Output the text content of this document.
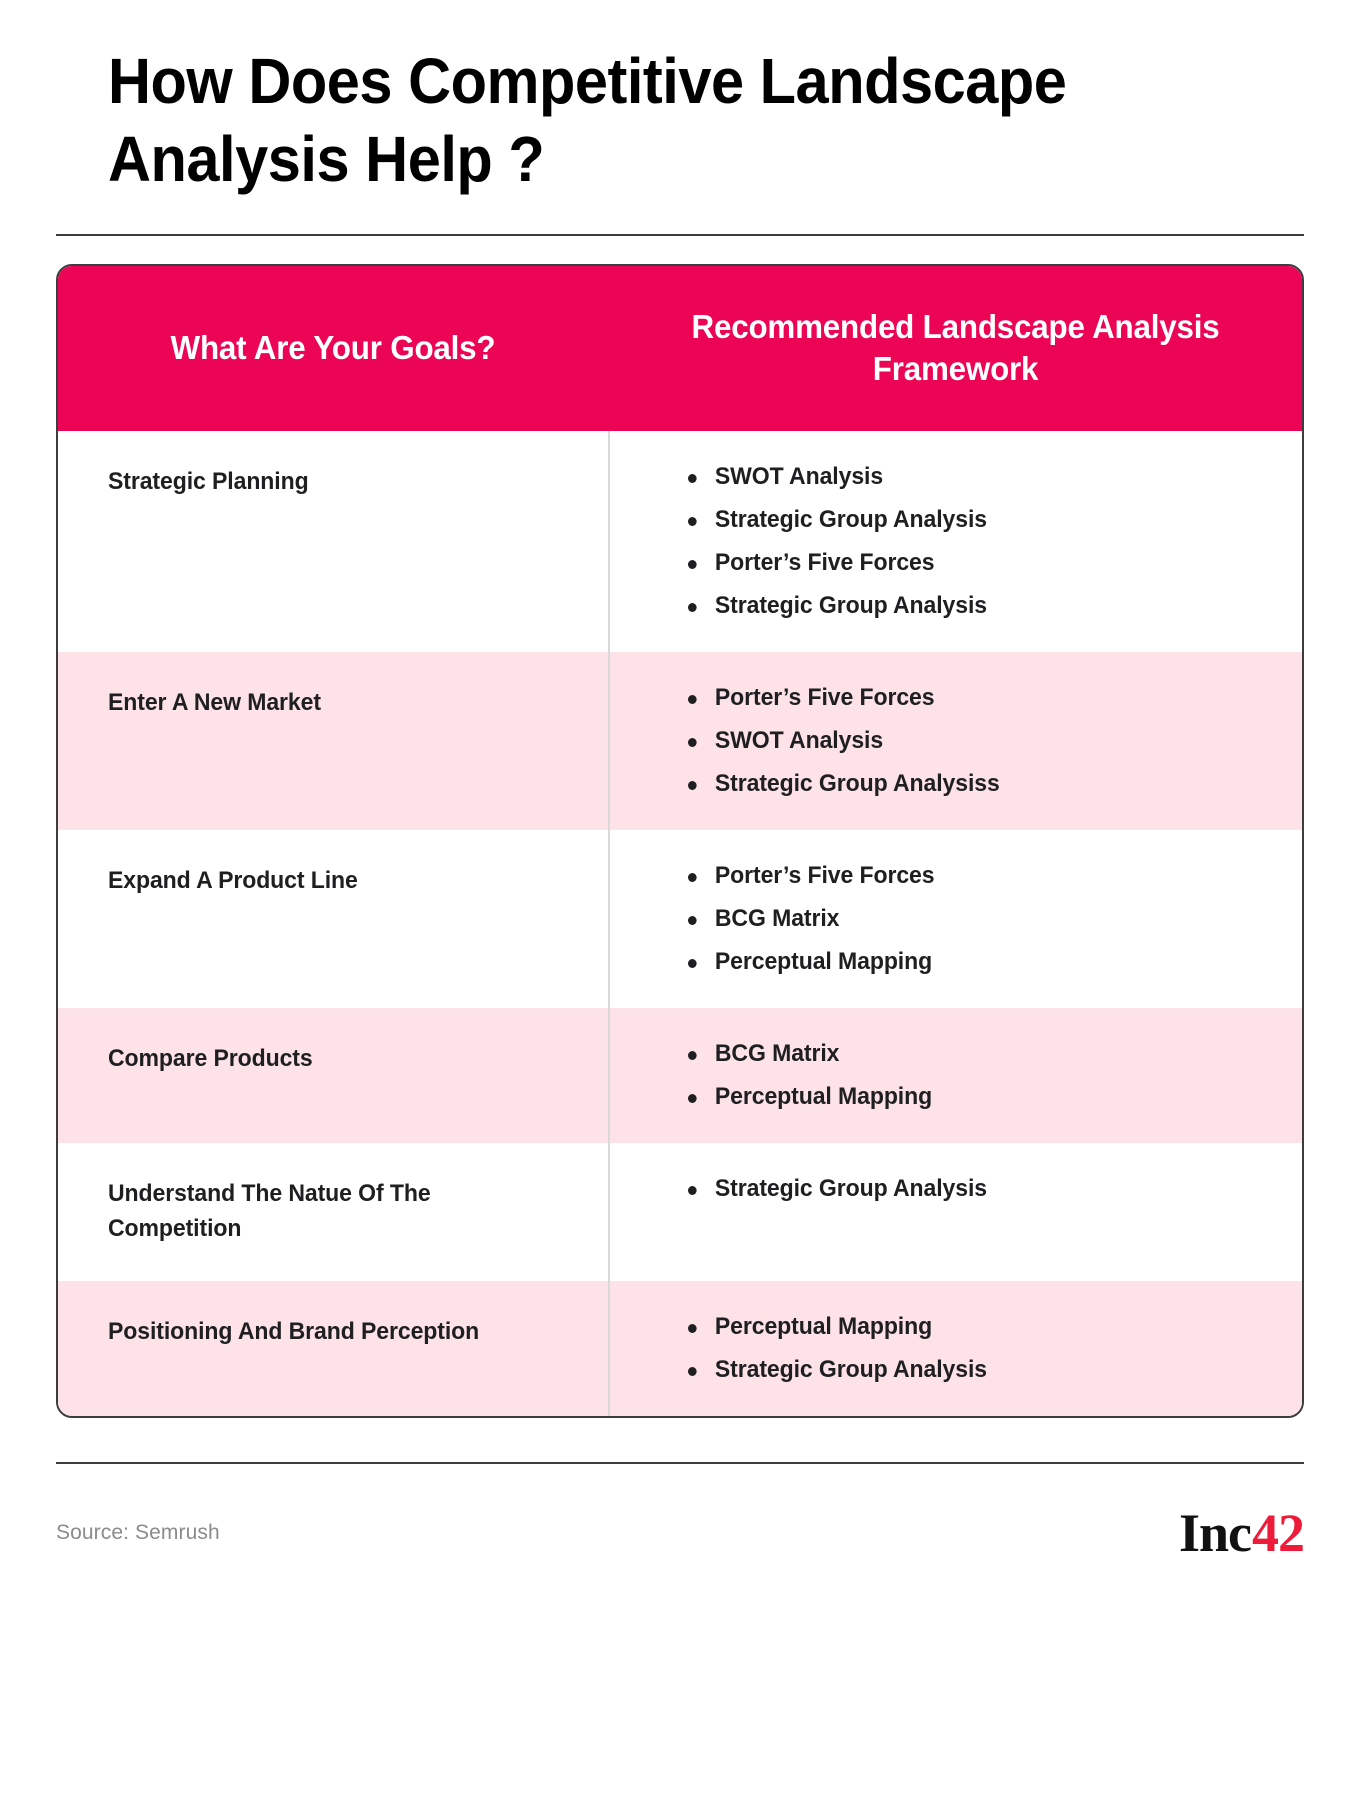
How Does Competitive Landscape Analysis Help ?
What Are Your Goals?
Recommended Landscape Analysis Framework
Strategic Planning	SWOT Analysis
Strategic Group Analysis
Porter’s Five Forces
Strategic Group Analysis
Enter A New Market	Porter’s Five Forces
SWOT Analysis
Strategic Group Analysiss
Expand A Product Line	Porter’s Five Forces
BCG Matrix
Perceptual Mapping
Compare Products	BCG Matrix
Perceptual Mapping
Understand The Natue Of The Competition
Strategic Group Analysis
Positioning And Brand Perception	Perceptual Mapping
Strategic Group Analysis
Source: Semrush	Inc 42
